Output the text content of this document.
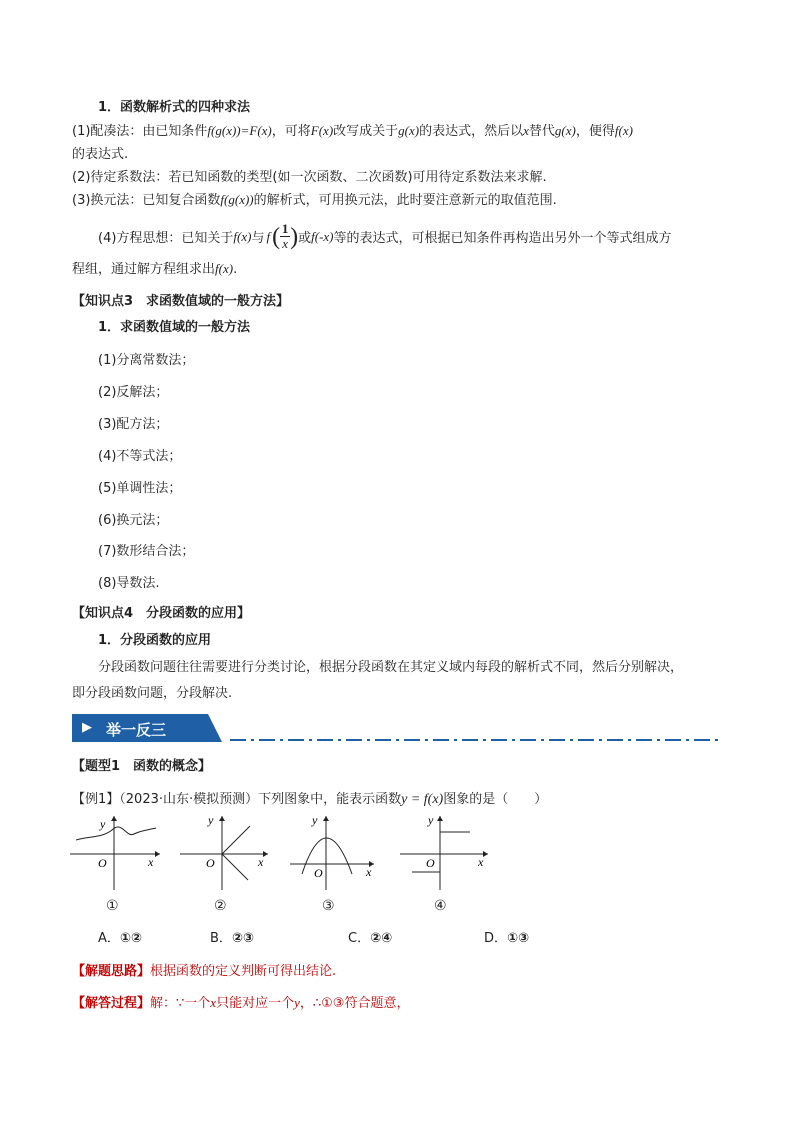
1．函数解析式的四种求法
(1)配凑法：由已知条件f(g(x))=F(x)，可将F(x)改写成关于g(x)的表达式，然后以x替代g(x)，便得f(x)
的表达式.
(2)待定系数法：若已知函数的类型(如一次函数、二次函数)可用待定系数法来求解.
(3)换元法：已知复合函数f(g(x))的解析式，可用换元法，此时要注意新元的取值范围.
(4)方程思想：已知关于 f(x) 与 f ( 1
x ) 或 f(-x) 等的表达式，可根据已知条件再构造出另外一个等式组成方
程组，通过解方程组求出f(x).
【知识点3　求函数值域的一般方法】
1．求函数值域的一般方法
(1)分离常数法；
(2)反解法；
(3)配方法；
(4)不等式法；
(5)单调性法；
(6)换元法；
(7)数形结合法；
(8)导数法.
【知识点4　分段函数的应用】
1．分段函数的应用
分段函数问题往往需要进行分类讨论，根据分段函数在其定义域内每段的解析式不同，然后分别解决，
即分段函数问题，分段解决.
▶ 举一反三
【题型1　函数的概念】
【例1】（2023·山东·模拟预测）下列图象中，能表示函数y = f(x)图象的是（　　）
y
x
O
y
x
O
y
x
O
y
x
O
①	②	③	④
A．①②	B．②③	C．②④	D．①③
【解题思路】根据函数的定义判断可得出结论.
【解答过程】解：∵一个x只能对应一个y，∴①③符合题意，
